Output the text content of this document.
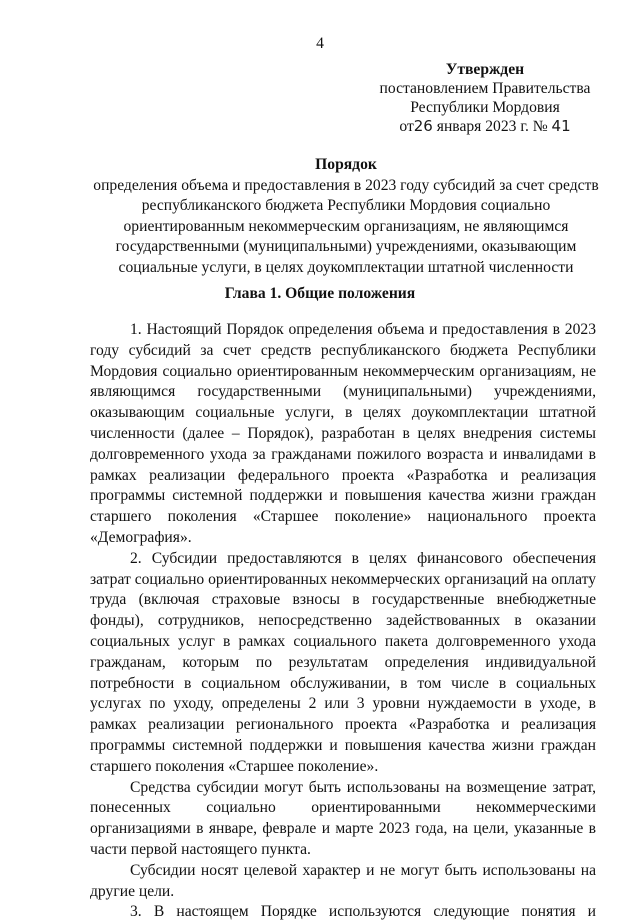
4
Утвержден
постановлением Правительства
Республики Мордовия
от26 января 2023 г. № 41
Порядок
определения объема и предоставления в 2023 году субсидий за счет средств республиканского бюджета Республики Мордовия социально ориентированным некоммерческим организациям, не являющимся государственными (муниципальными) учреждениями, оказывающим социальные услуги, в целях доукомплектации штатной численности
Глава 1. Общие положения

1. Настоящий Порядок определения объема и предоставления в 2023 году субсидий за счет средств республиканского бюджета Республики Мордовия социально ориентированным некоммерческим организациям, не являющимся государственными (муниципальными) учреждениями, оказывающим социальные услуги, в целях доукомплектации штатной численности (далее – Порядок), разработан в целях внедрения системы долговременного ухода за гражданами пожилого возраста и инвалидами в рамках реализации федерального проекта «Разработка и реализация программы системной поддержки и повышения качества жизни граждан старшего поколения «Старшее поколение» национального проекта «Демография».

2. Субсидии предоставляются в целях финансового обеспечения затрат социально ориентированных некоммерческих организаций на оплату труда (включая страховые взносы в государственные внебюджетные фонды), сотрудников, непосредственно задействованных в оказании социальных услуг в рамках социального пакета долговременного ухода гражданам, которым по результатам определения индивидуальной потребности в социальном обслуживании, в том числе в социальных услугах по уходу, определены 2 или 3 уровни нуждаемости в уходе, в рамках реализации регионального проекта «Разработка и реализация программы системной поддержки и повышения качества жизни граждан старшего поколения «Старшее поколение».

Средства субсидии могут быть использованы на возмещение затрат, понесенных социально ориентированными некоммерческими организациями в январе, феврале и марте 2023 года, на цели, указанные в части первой настоящего пункта.

Субсидии носят целевой характер и не могут быть использованы на другие цели.

3. В настоящем Порядке используются следующие понятия и
